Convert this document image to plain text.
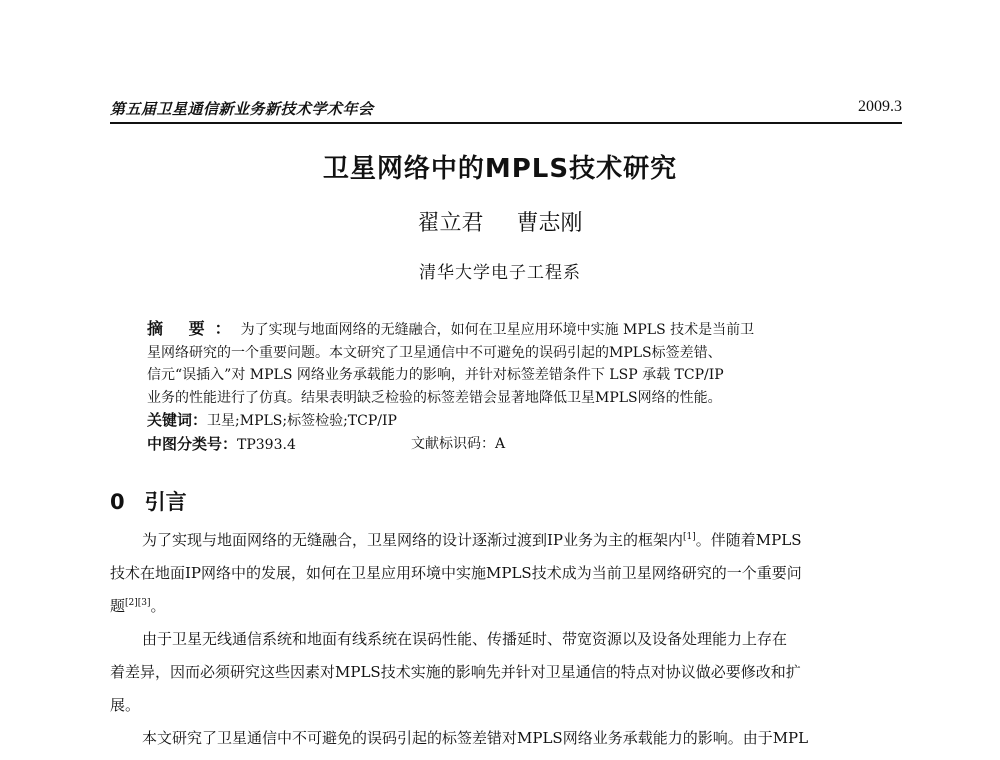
第五届卫星通信新业务新技术学术年会	2009.3
卫星网络中的MPLS技术研究
翟立君 曹志刚
清华大学电子工程系
摘 要：为了实现与地面网络的无缝融合，如何在卫星应用环境中实施 MPLS 技术是当前卫
星网络研究的一个重要问题。本文研究了卫星通信中不可避免的误码引起的MPLS标签差错、
信元“误插入”对 MPLS 网络业务承载能力的影响，并针对标签差错条件下 LSP 承载 TCP/IP
业务的性能进行了仿真。结果表明缺乏检验的标签差错会显著地降低卫星MPLS网络的性能。
关键词：卫星;MPLS;标签检验;TCP/IP
中图分类号：TP393.4	文献标识码：A
0 引言
为了实现与地面网络的无缝融合，卫星网络的设计逐渐过渡到IP业务为主的框架内[1]。伴随着MPLS
技术在地面IP网络中的发展，如何在卫星应用环境中实施MPLS技术成为当前卫星网络研究的一个重要问
题[2][3]。
由于卫星无线通信系统和地面有线系统在误码性能、传播延时、带宽资源以及设备处理能力上存在
着差异，因而必须研究这些因素对MPLS技术实施的影响先并针对卫星通信的特点对协议做必要修改和扩
展。
本文研究了卫星通信中不可避免的误码引起的标签差错对MPLS网络业务承载能力的影响。由于MPL
